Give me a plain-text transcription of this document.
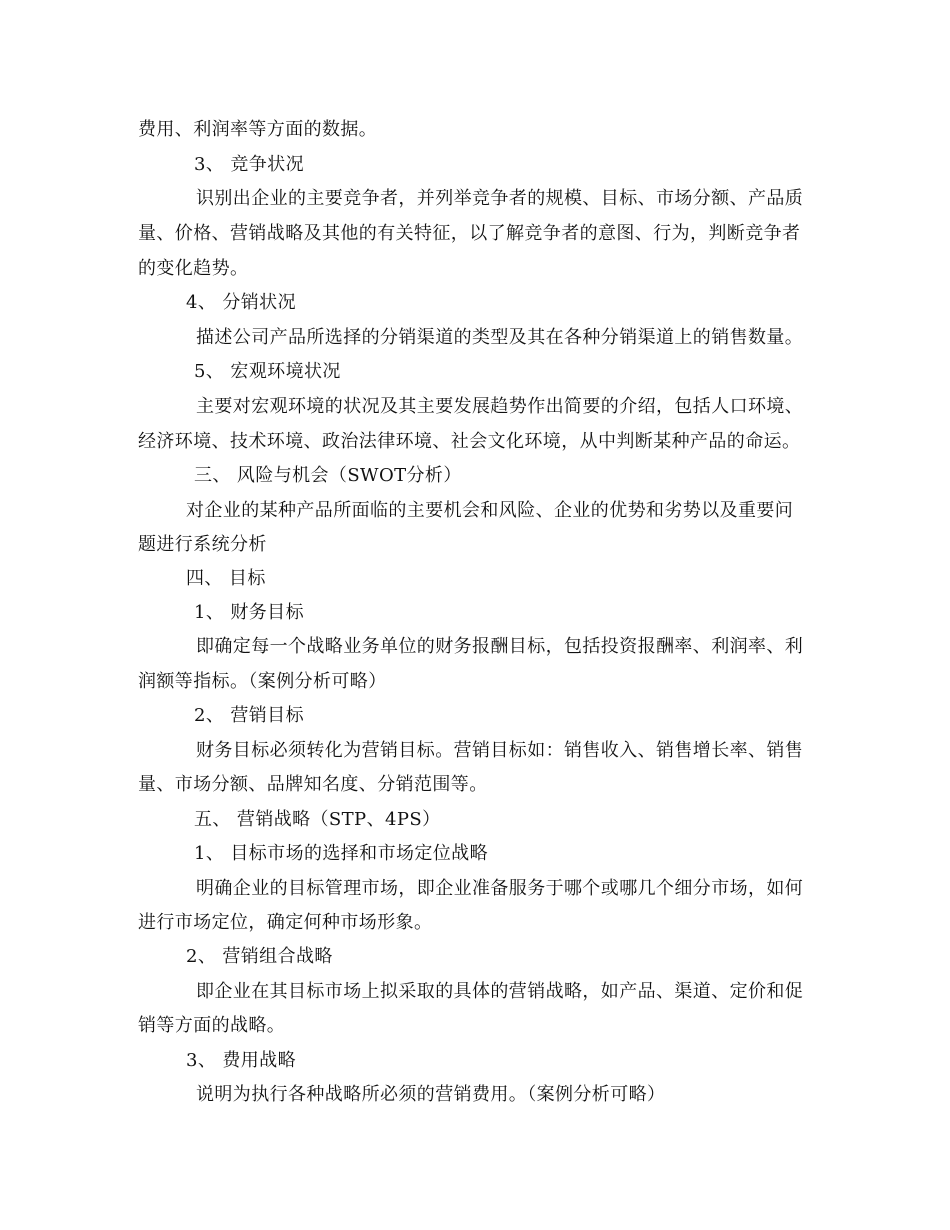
费用、利润率等方面的数据。
3、 竞争状况
识别出企业的主要竞争者，并列举竞争者的规模、目标、市场分额、产品质
量、价格、营销战略及其他的有关特征，以了解竞争者的意图、行为，判断竞争者
的变化趋势。
4、 分销状况
描述公司产品所选择的分销渠道的类型及其在各种分销渠道上的销售数量。
5、 宏观环境状况
主要对宏观环境的状况及其主要发展趋势作出简要的介绍，包括人口环境、
经济环境、技术环境、政治法律环境、社会文化环境，从中判断某种产品的命运。
三、 风险与机会（SWOT分析）
对企业的某种产品所面临的主要机会和风险、企业的优势和劣势以及重要问
题进行系统分析
四、 目标
1、 财务目标
即确定每一个战略业务单位的财务报酬目标，包括投资报酬率、利润率、利
润额等指标。（案例分析可略）
2、 营销目标
财务目标必须转化为营销目标。营销目标如：销售收入、销售增长率、销售
量、市场分额、品牌知名度、分销范围等。
五、 营销战略（STP、4PS）
1、 目标市场的选择和市场定位战略
明确企业的目标管理市场，即企业准备服务于哪个或哪几个细分市场，如何
进行市场定位，确定何种市场形象。
2、 营销组合战略
即企业在其目标市场上拟采取的具体的营销战略，如产品、渠道、定价和促
销等方面的战略。
3、 费用战略
说明为执行各种战略所必须的营销费用。（案例分析可略）
